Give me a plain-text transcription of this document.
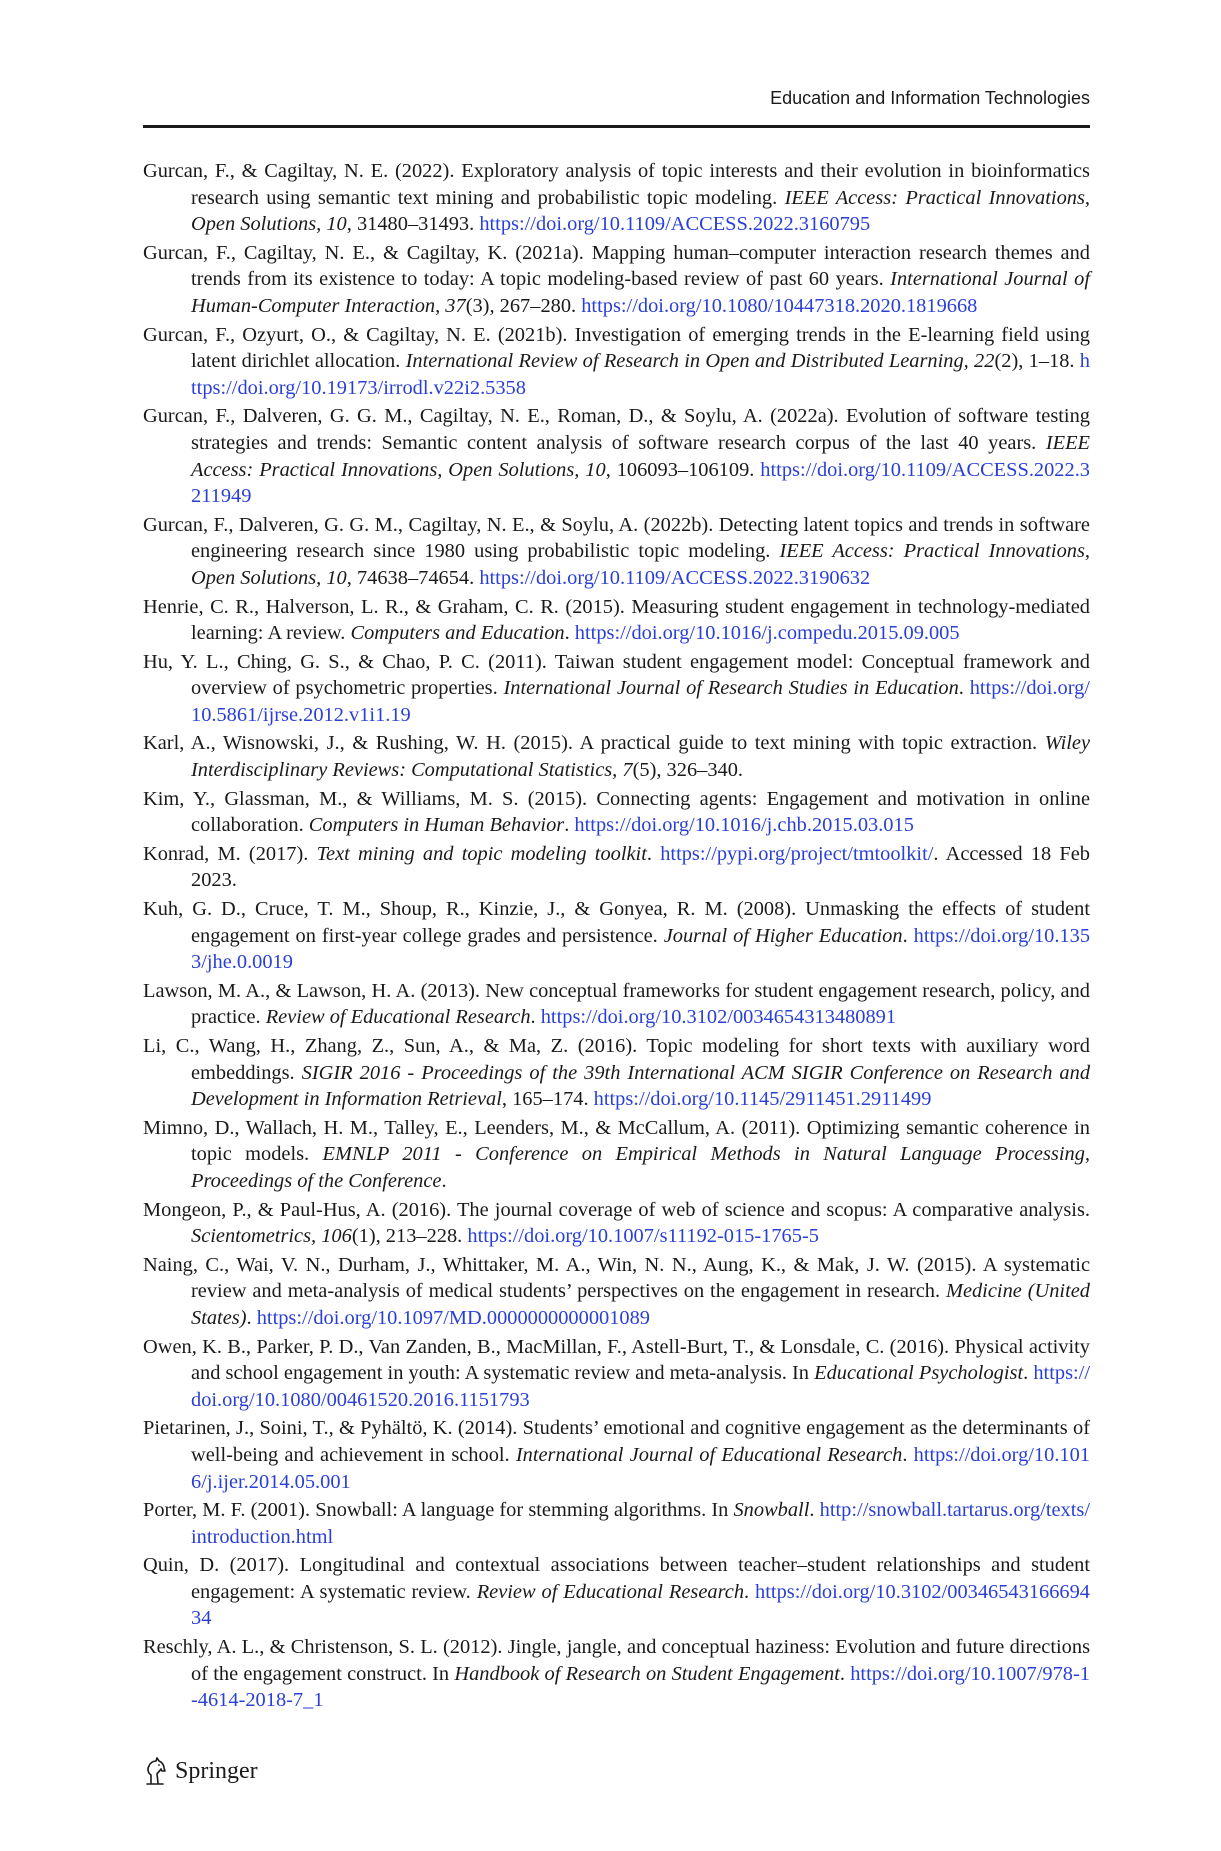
Education and Information Technologies
Gurcan, F., & Cagiltay, N. E. (2022). Exploratory analysis of topic interests and their evolution in bioinformatics research using semantic text mining and probabilistic topic modeling. IEEE Access: Practical Innovations, Open Solutions, 10, 31480–31493. https://doi.org/10.1109/ACCESS.2022.3160795
Gurcan, F., Cagiltay, N. E., & Cagiltay, K. (2021a). Mapping human–computer interaction research themes and trends from its existence to today: A topic modeling-based review of past 60 years. International Journal of Human-Computer Interaction, 37(3), 267–280. https://doi.org/10.1080/10447318.2020.1819668
Gurcan, F., Ozyurt, O., & Cagiltay, N. E. (2021b). Investigation of emerging trends in the E-learning field using latent dirichlet allocation. International Review of Research in Open and Distributed Learning, 22(2), 1–18. https://doi.org/10.19173/irrodl.v22i2.5358
Gurcan, F., Dalveren, G. G. M., Cagiltay, N. E., Roman, D., & Soylu, A. (2022a). Evolution of software testing strategies and trends: Semantic content analysis of software research corpus of the last 40 years. IEEE Access: Practical Innovations, Open Solutions, 10, 106093–106109. https://doi.org/10.1109/ACCESS.2022.3211949
Gurcan, F., Dalveren, G. G. M., Cagiltay, N. E., & Soylu, A. (2022b). Detecting latent topics and trends in software engineering research since 1980 using probabilistic topic modeling. IEEE Access: Practical Innovations, Open Solutions, 10, 74638–74654. https://doi.org/10.1109/ACCESS.2022.3190632
Henrie, C. R., Halverson, L. R., & Graham, C. R. (2015). Measuring student engagement in technology-mediated learning: A review. Computers and Education. https://doi.org/10.1016/j.compedu.2015.09.005
Hu, Y. L., Ching, G. S., & Chao, P. C. (2011). Taiwan student engagement model: Conceptual framework and overview of psychometric properties. International Journal of Research Studies in Education. https://doi.org/10.5861/ijrse.2012.v1i1.19
Karl, A., Wisnowski, J., & Rushing, W. H. (2015). A practical guide to text mining with topic extraction. Wiley Interdisciplinary Reviews: Computational Statistics, 7(5), 326–340.
Kim, Y., Glassman, M., & Williams, M. S. (2015). Connecting agents: Engagement and motivation in online collaboration. Computers in Human Behavior. https://doi.org/10.1016/j.chb.2015.03.015
Konrad, M. (2017). Text mining and topic modeling toolkit. https://pypi.org/project/tmtoolkit/. Accessed 18 Feb 2023.
Kuh, G. D., Cruce, T. M., Shoup, R., Kinzie, J., & Gonyea, R. M. (2008). Unmasking the effects of student engagement on first-year college grades and persistence. Journal of Higher Education. https://doi.org/10.1353/jhe.0.0019
Lawson, M. A., & Lawson, H. A. (2013). New conceptual frameworks for student engagement research, policy, and practice. Review of Educational Research. https://doi.org/10.3102/0034654313480891
Li, C., Wang, H., Zhang, Z., Sun, A., & Ma, Z. (2016). Topic modeling for short texts with auxiliary word embeddings. SIGIR 2016 - Proceedings of the 39th International ACM SIGIR Conference on Research and Development in Information Retrieval, 165–174. https://doi.org/10.1145/2911451.2911499
Mimno, D., Wallach, H. M., Talley, E., Leenders, M., & McCallum, A. (2011). Optimizing semantic coherence in topic models. EMNLP 2011 - Conference on Empirical Methods in Natural Language Processing, Proceedings of the Conference.
Mongeon, P., & Paul-Hus, A. (2016). The journal coverage of web of science and scopus: A comparative analysis. Scientometrics, 106(1), 213–228. https://doi.org/10.1007/s11192-015-1765-5
Naing, C., Wai, V. N., Durham, J., Whittaker, M. A., Win, N. N., Aung, K., & Mak, J. W. (2015). A systematic review and meta-analysis of medical students’ perspectives on the engagement in research. Medicine (United States). https://doi.org/10.1097/MD.0000000000001089
Owen, K. B., Parker, P. D., Van Zanden, B., MacMillan, F., Astell-Burt, T., & Lonsdale, C. (2016). Physical activity and school engagement in youth: A systematic review and meta-analysis. In Educational Psychologist. https://doi.org/10.1080/00461520.2016.1151793
Pietarinen, J., Soini, T., & Pyhältö, K. (2014). Students’ emotional and cognitive engagement as the determinants of well-being and achievement in school. International Journal of Educational Research. https://doi.org/10.1016/j.ijer.2014.05.001
Porter, M. F. (2001). Snowball: A language for stemming algorithms. In Snowball. http://snowball.tartarus.org/texts/introduction.html
Quin, D. (2017). Longitudinal and contextual associations between teacher–student relationships and student engagement: A systematic review. Review of Educational Research. https://doi.org/10.3102/0034654316669434
Reschly, A. L., & Christenson, S. L. (2012). Jingle, jangle, and conceptual haziness: Evolution and future directions of the engagement construct. In Handbook of Research on Student Engagement. https://doi.org/10.1007/978-1-4614-2018-7_1
Springer
